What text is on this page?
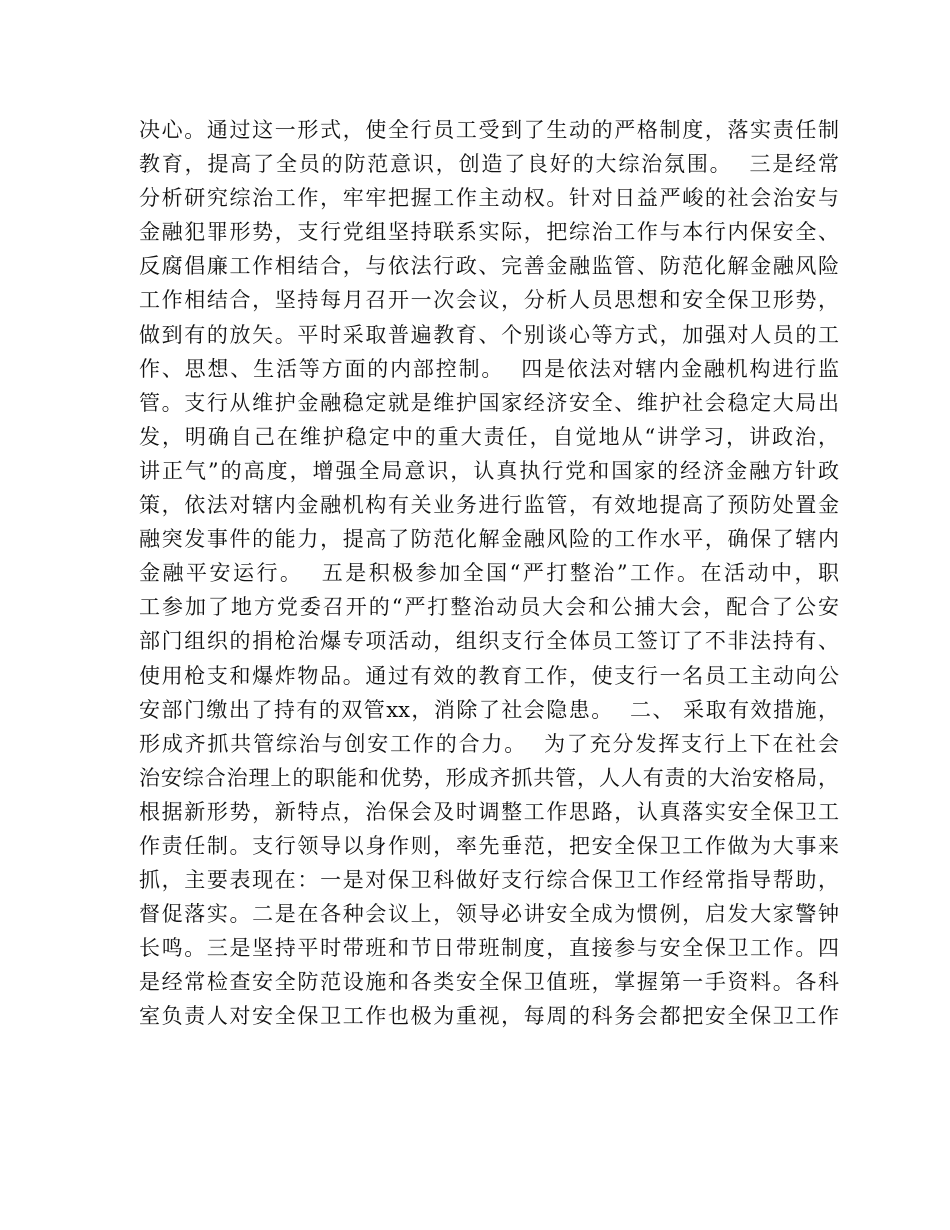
决心。通过这一形式，使全行员工受到了生动的严格制度，落实责任制
教育，提高了全员的防范意识，创造了良好的大综治氛围。  三是经常
分析研究综治工作，牢牢把握工作主动权。针对日益严峻的社会治安与
金融犯罪形势，支行党组坚持联系实际，把综治工作与本行内保安全、
反腐倡廉工作相结合，与依法行政、完善金融监管、防范化解金融风险
工作相结合，坚持每月召开一次会议，分析人员思想和安全保卫形势，
做到有的放矢。平时采取普遍教育、个别谈心等方式，加强对人员的工
作、思想、生活等方面的内部控制。  四是依法对辖内金融机构进行监
管。支行从维护金融稳定就是维护国家经济安全、维护社会稳定大局出
发，明确自己在维护稳定中的重大责任，自觉地从“讲学习，讲政治，
讲正气”的高度，增强全局意识，认真执行党和国家的经济金融方针政
策，依法对辖内金融机构有关业务进行监管，有效地提高了预防处置金
融突发事件的能力，提高了防范化解金融风险的工作水平，确保了辖内
金融平安运行。  五是积极参加全国“严打整治”工作。在活动中，职
工参加了地方党委召开的“严打整治动员大会和公捕大会，配合了公安
部门组织的捐枪治爆专项活动，组织支行全体员工签订了不非法持有、
使用枪支和爆炸物品。通过有效的教育工作，使支行一名员工主动向公
安部门缴出了持有的双管xx，消除了社会隐患。  二、 采取有效措施，
形成齐抓共管综治与创安工作的合力。  为了充分发挥支行上下在社会
治安综合治理上的职能和优势，形成齐抓共管，人人有责的大治安格局，
根据新形势，新特点，治保会及时调整工作思路，认真落实安全保卫工
作责任制。支行领导以身作则，率先垂范，把安全保卫工作做为大事来
抓，主要表现在：一是对保卫科做好支行综合保卫工作经常指导帮助，
督促落实。二是在各种会议上，领导必讲安全成为惯例，启发大家警钟
长鸣。三是坚持平时带班和节日带班制度，直接参与安全保卫工作。四
是经常检查安全防范设施和各类安全保卫值班，掌握第一手资料。各科
室负责人对安全保卫工作也极为重视，每周的科务会都把安全保卫工作
